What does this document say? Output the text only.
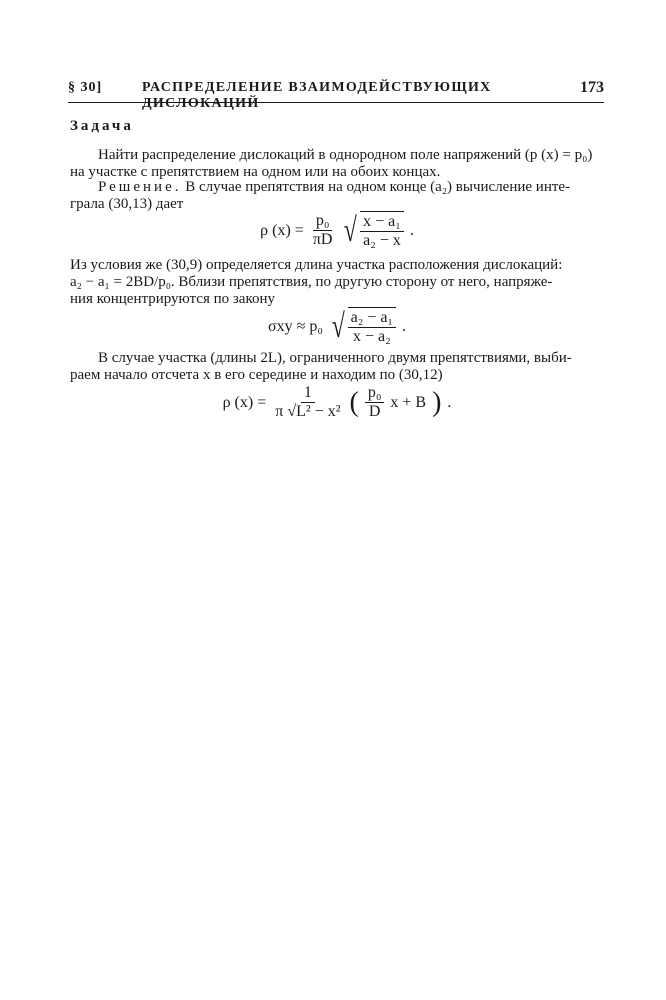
§ 30]	РАСПРЕДЕЛЕНИЕ ВЗАИМОДЕЙСТВУЮЩИХ ДИСЛОКАЦИЙ
173
Задача
Найти распределение дислокаций в однородном поле напряжений (p (x) = p₀)
на участке с препятствием на одном или на обоих концах.
Решение. В случае препятствия на одном конце (a₂) вычисление инте-
грала (30,13) дает
ρ $(x) = \frac{\text{p₀}}{\pi D}$ √ $\frac{\text{x − a₁}}{\text{a₂ − x}}$ .
Из условия же (30,9) определяется длина участка расположения дислокаций:
a₂ − a₁ = 2BD/p₀. Вблизи препятствия, по другую сторону от него, напряже-
ния концентрируются по закону
σxy ≈ p₀ √ $\frac{\text{a₂ − a₁}}{\text{x − a₂}}$ .
В случае участка (длины 2L), ограниченного двумя препятствиями, выби-
раем начало отсчета x в его середине и находим по (30,12)
ρ $(x) = \frac{1}{\text{π √L² − x²}}$ ( $\frac{\text{p₀}}{D}$ x + B ) .
